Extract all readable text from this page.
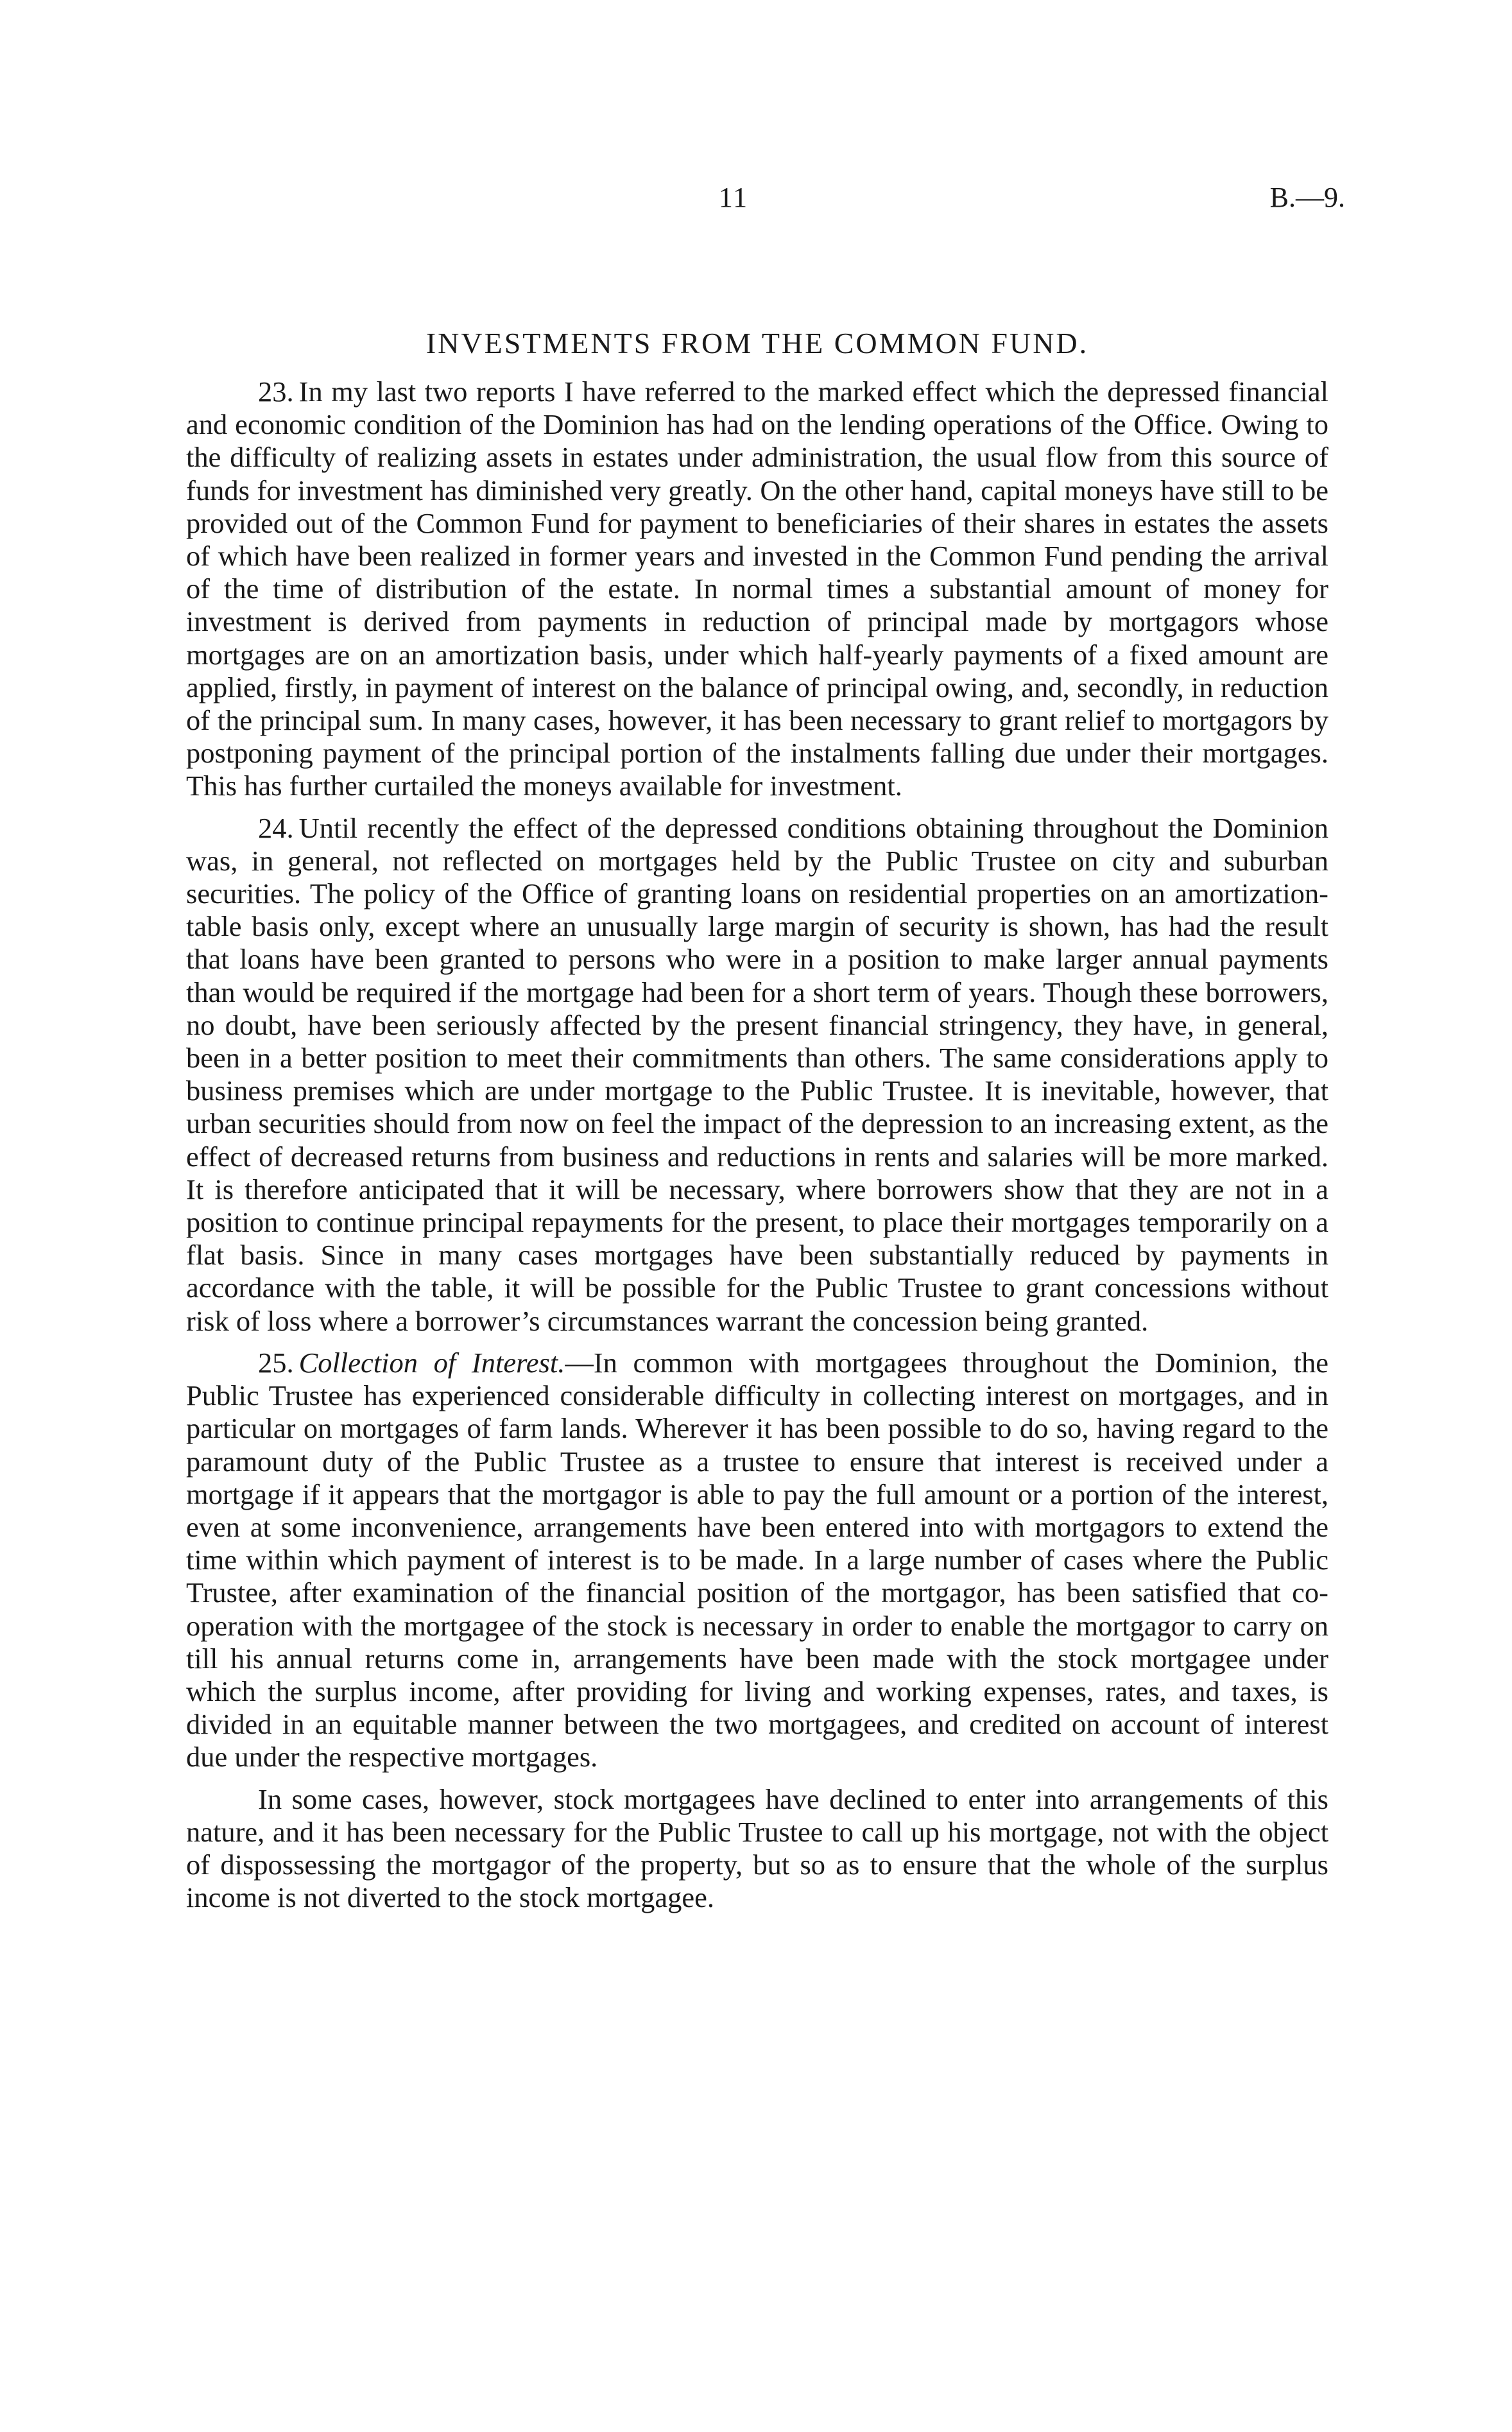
11	B.—9.
INVESTMENTS FROM THE COMMON FUND.

23. In my last two reports I have referred to the marked effect which the depressed financial and economic condition of the Dominion has had on the lending operations of the Office. Owing to the difficulty of realizing assets in estates under administration, the usual flow from this source of funds for investment has diminished very greatly. On the other hand, capital moneys have still to be provided out of the Common Fund for payment to beneficiaries of their shares in estates the assets of which have been realized in former years and invested in the Common Fund pending the arrival of the time of distribution of the estate. In normal times a substantial amount of money for investment is derived from payments in reduction of principal made by mortgagors whose mortgages are on an amortization basis, under which half-yearly payments of a fixed amount are applied, firstly, in payment of interest on the balance of principal owing, and, secondly, in reduction of the principal sum. In many cases, however, it has been necessary to grant relief to mortgagors by postponing payment of the principal portion of the instalments falling due under their mortgages. This has further curtailed the moneys available for investment.

24. Until recently the effect of the depressed conditions obtaining throughout the Dominion was, in general, not reflected on mortgages held by the Public Trustee on city and suburban securities. The policy of the Office of granting loans on residential properties on an amortization-table basis only, except where an unusually large margin of security is shown, has had the result that loans have been granted to persons who were in a position to make larger annual payments than would be required if the mortgage had been for a short term of years. Though these borrowers, no doubt, have been seriously affected by the present financial stringency, they have, in general, been in a better position to meet their commitments than others. The same considerations apply to business premises which are under mortgage to the Public Trustee. It is inevitable, however, that urban securities should from now on feel the impact of the depression to an increasing extent, as the effect of decreased returns from business and reductions in rents and salaries will be more marked. It is therefore anticipated that it will be necessary, where borrowers show that they are not in a position to continue principal repayments for the present, to place their mortgages temporarily on a flat basis. Since in many cases mortgages have been substantially reduced by payments in accordance with the table, it will be possible for the Public Trustee to grant concessions without risk of loss where a borrower’s circumstances warrant the concession being granted.

25. Collection of Interest.—In common with mortgagees throughout the Dominion, the Public Trustee has experienced considerable difficulty in collecting interest on mortgages, and in particular on mortgages of farm lands. Wherever it has been possible to do so, having regard to the paramount duty of the Public Trustee as a trustee to ensure that interest is received under a mortgage if it appears that the mortgagor is able to pay the full amount or a portion of the interest, even at some inconvenience, arrangements have been entered into with mortgagors to extend the time within which payment of interest is to be made. In a large number of cases where the Public Trustee, after examination of the financial position of the mortgagor, has been satisfied that co-operation with the mortgagee of the stock is necessary in order to enable the mortgagor to carry on till his annual returns come in, arrangements have been made with the stock mortgagee under which the surplus income, after providing for living and working expenses, rates, and taxes, is divided in an equitable manner between the two mortgagees, and credited on account of interest due under the respective mortgages.

In some cases, however, stock mortgagees have declined to enter into arrangements of this nature, and it has been necessary for the Public Trustee to call up his mortgage, not with the object of dispossessing the mortgagor of the property, but so as to ensure that the whole of the surplus income is not diverted to the stock mortgagee.
